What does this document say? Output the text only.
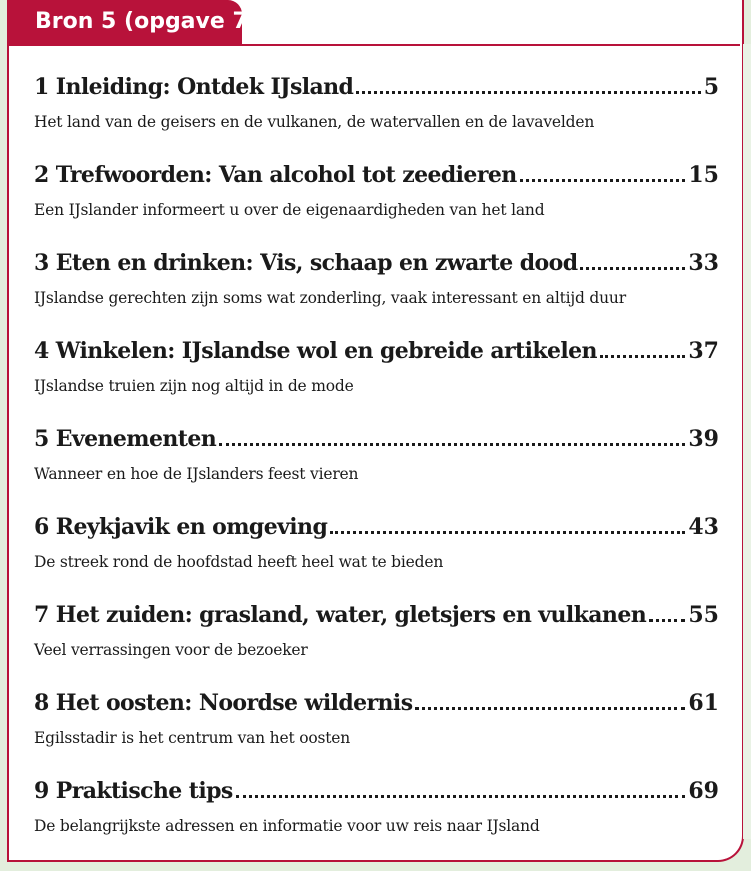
Bron 5 (opgave 7)
1 Inleiding: Ontdek IJsland	5
Het land van de geisers en de vulkanen, de watervallen en de lavavelden
2 Trefwoorden: Van alcohol tot zeedieren	15
Een IJslander informeert u over de eigenaardigheden van het land
3 Eten en drinken: Vis, schaap en zwarte dood	33
IJslandse gerechten zijn soms wat zonderling, vaak interessant en altijd duur
4 Winkelen: IJslandse wol en gebreide artikelen	37
IJslandse truien zijn nog altijd in de mode
5 Evenementen	39
Wanneer en hoe de IJslanders feest vieren
6 Reykjavik en omgeving	43
De streek rond de hoofdstad heeft heel wat te bieden
7 Het zuiden: grasland, water, gletsjers en vulkanen 55
Veel verrassingen voor de bezoeker
8 Het oosten: Noordse wildernis	61
Egilsstadir is het centrum van het oosten
9 Praktische tips	69
De belangrijkste adressen en informatie voor uw reis naar IJsland
